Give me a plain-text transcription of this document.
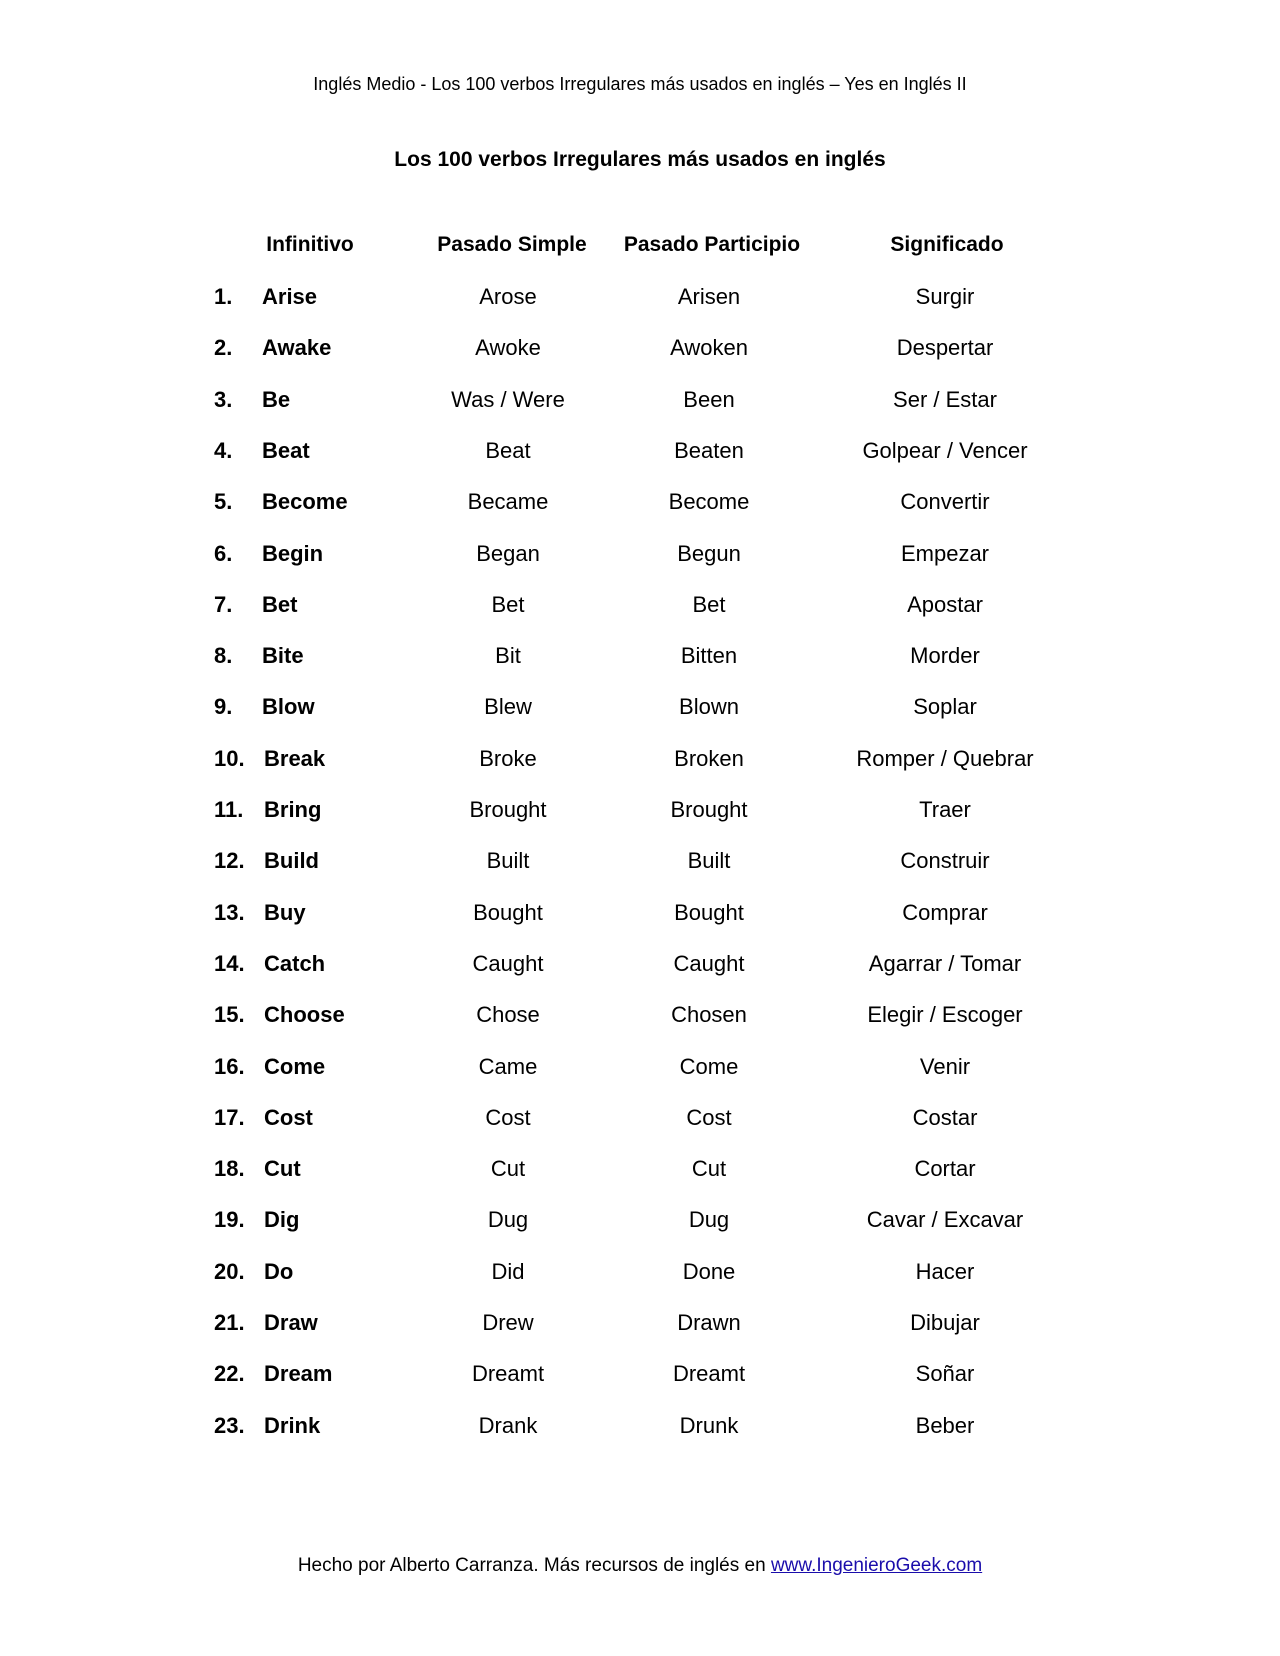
Inglés Medio - Los 100 verbos Irregulares más usados en inglés – Yes en Inglés II
Los 100 verbos Irregulares más usados en inglés
Infinitivo	Pasado Simple	Pasado Participio	Significado
1.	Arise	Arose	Arisen	Surgir
2.	Awake	Awoke	Awoken	Despertar
3.	Be	Was / Were	Been	Ser / Estar
4.	Beat	Beat	Beaten	Golpear / Vencer
5.	Become	Became	Become	Convertir
6.	Begin	Began	Begun	Empezar
7.	Bet	Bet	Bet	Apostar
8.	Bite	Bit	Bitten	Morder
9.	Blow	Blew	Blown	Soplar
10. Break	Broke	Broken	Romper / Quebrar
11. Bring	Brought	Brought	Traer
12. Build	Built	Built	Construir
13. Buy	Bought	Bought	Comprar
14. Catch	Caught	Caught	Agarrar / Tomar
15. Choose	Chose	Chosen	Elegir / Escoger
16. Come	Came	Come	Venir
17. Cost	Cost	Cost	Costar
18. Cut	Cut	Cut	Cortar
19. Dig	Dug	Dug	Cavar / Excavar
20. Do	Did	Done	Hacer
21. Draw	Drew	Drawn	Dibujar
22. Dream	Dreamt	Dreamt	Soñar
23. Drink	Drank	Drunk	Beber
Hecho por Alberto Carranza. Más recursos de inglés en www.IngenieroGeek.com
